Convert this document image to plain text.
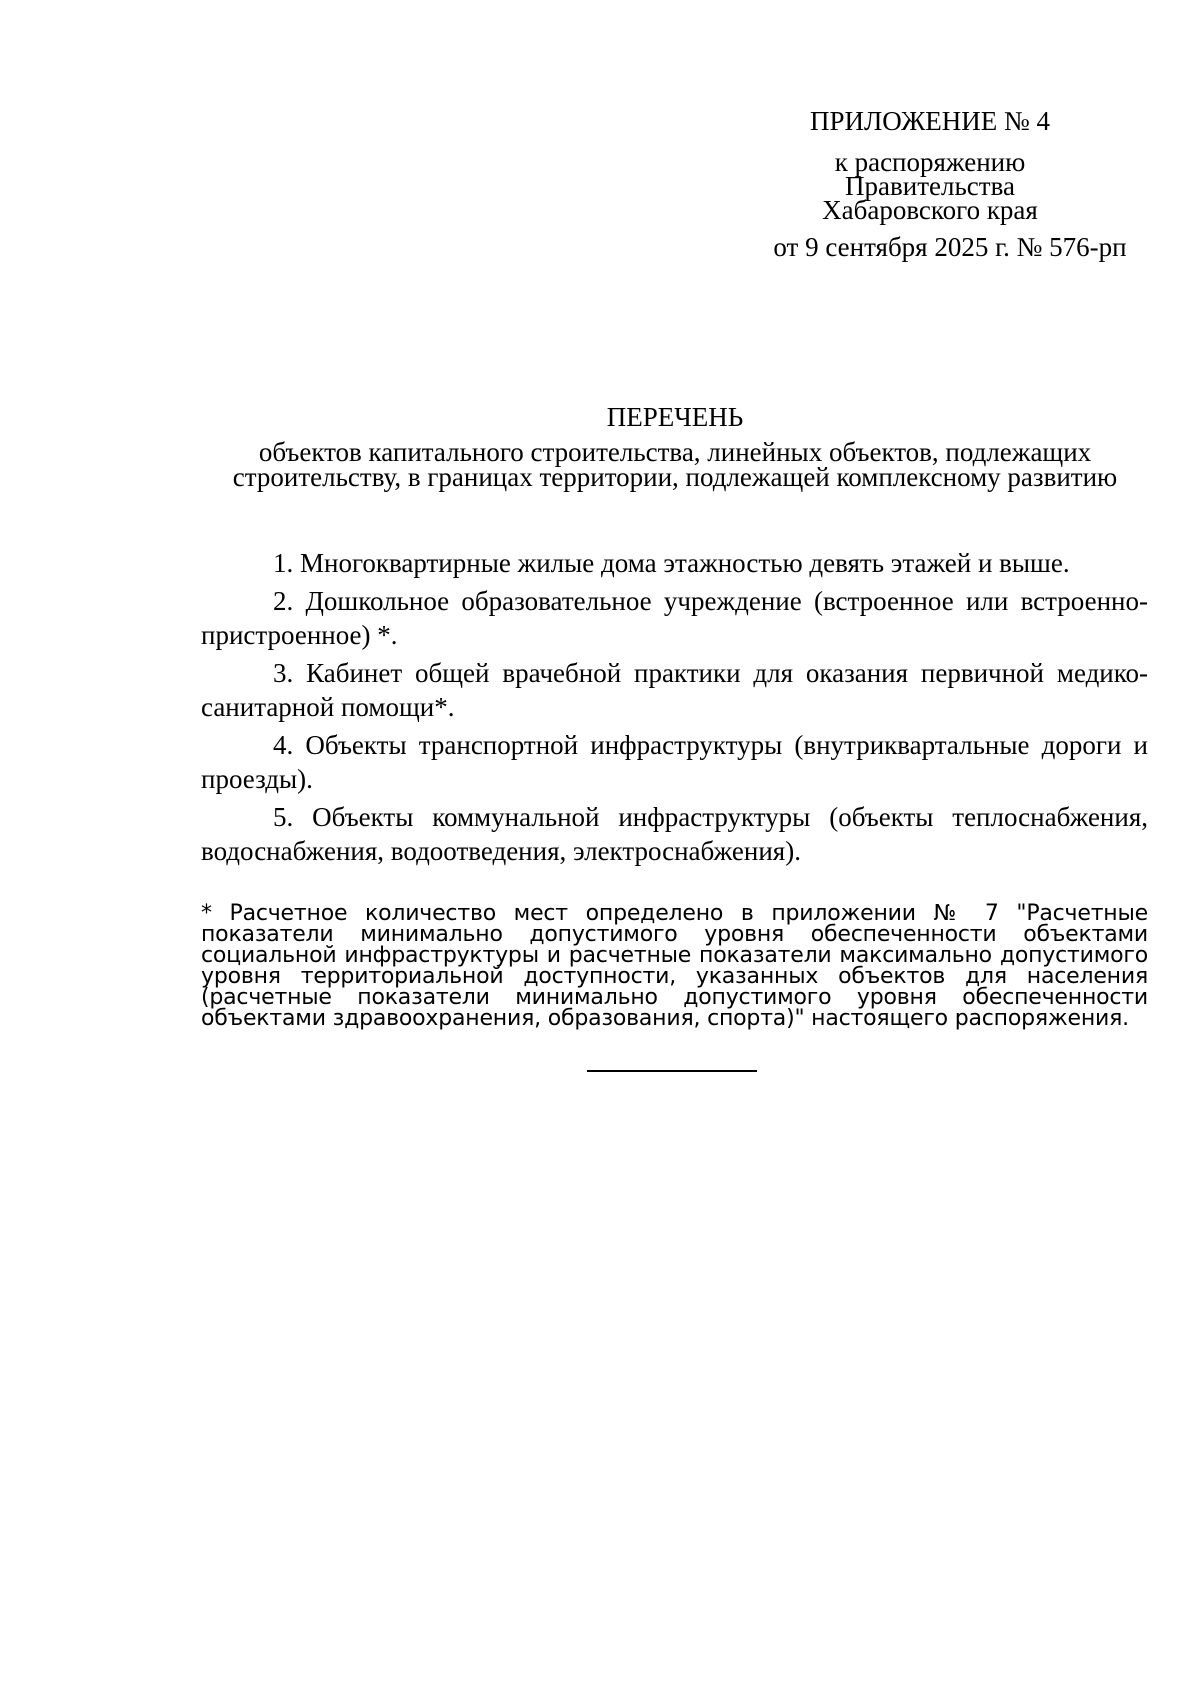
ПРИЛОЖЕНИЕ № 4
к распоряжению
Правительства
Хабаровского края
от 9 сентября 2025 г. № 576-рп
ПЕРЕЧЕНЬ
объектов капитального строительства, линейных объектов, подлежащих
строительству, в границах территории, подлежащей комплексному развитию

1. Многоквартирные жилые дома этажностью девять этажей и выше.

2. Дошкольное образовательное учреждение (встроенное или встроенно-пристроенное) *.

3. Кабинет общей врачебной практики для оказания первичной медико-санитарной помощи*.

4. Объекты транспортной инфраструктуры (внутриквартальные дороги и проезды).

5. Объекты коммунальной инфраструктуры (объекты теплоснабжения, водоснабжения, водоотведения, электроснабжения).

* Расчетное количество мест определено в приложении № 7 "Расчетные показатели минимально допустимого уровня обеспеченности объектами социальной инфраструктуры и расчетные показатели максимально допустимого уровня территориальной доступности, указанных объектов для населения (расчетные показатели минимально допустимого уровня обеспеченности объектами здравоохранения, образования, спорта)" настоящего распоряжения.
